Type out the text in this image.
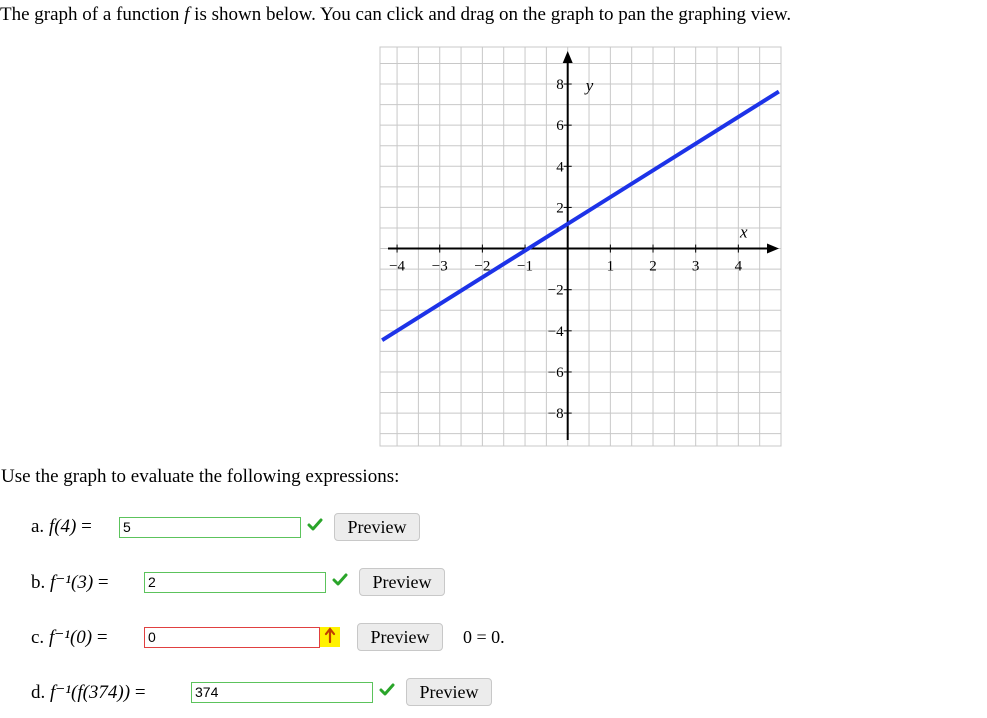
The graph of a function f is shown below. You can click and drag on the graph to pan the graphing view.
x
y
−4 −3 −2 −1	1 2 3 4
8
6
4
2
−2
−4
−6
−8
Use the graph to evaluate the following expressions:
a. f(4) = 5	Preview
b. f⁻¹(3) =	2	Preview
c. f⁻¹(0) =	0	Preview	0 = 0.
d. f⁻¹(f(374)) =	374	Preview
